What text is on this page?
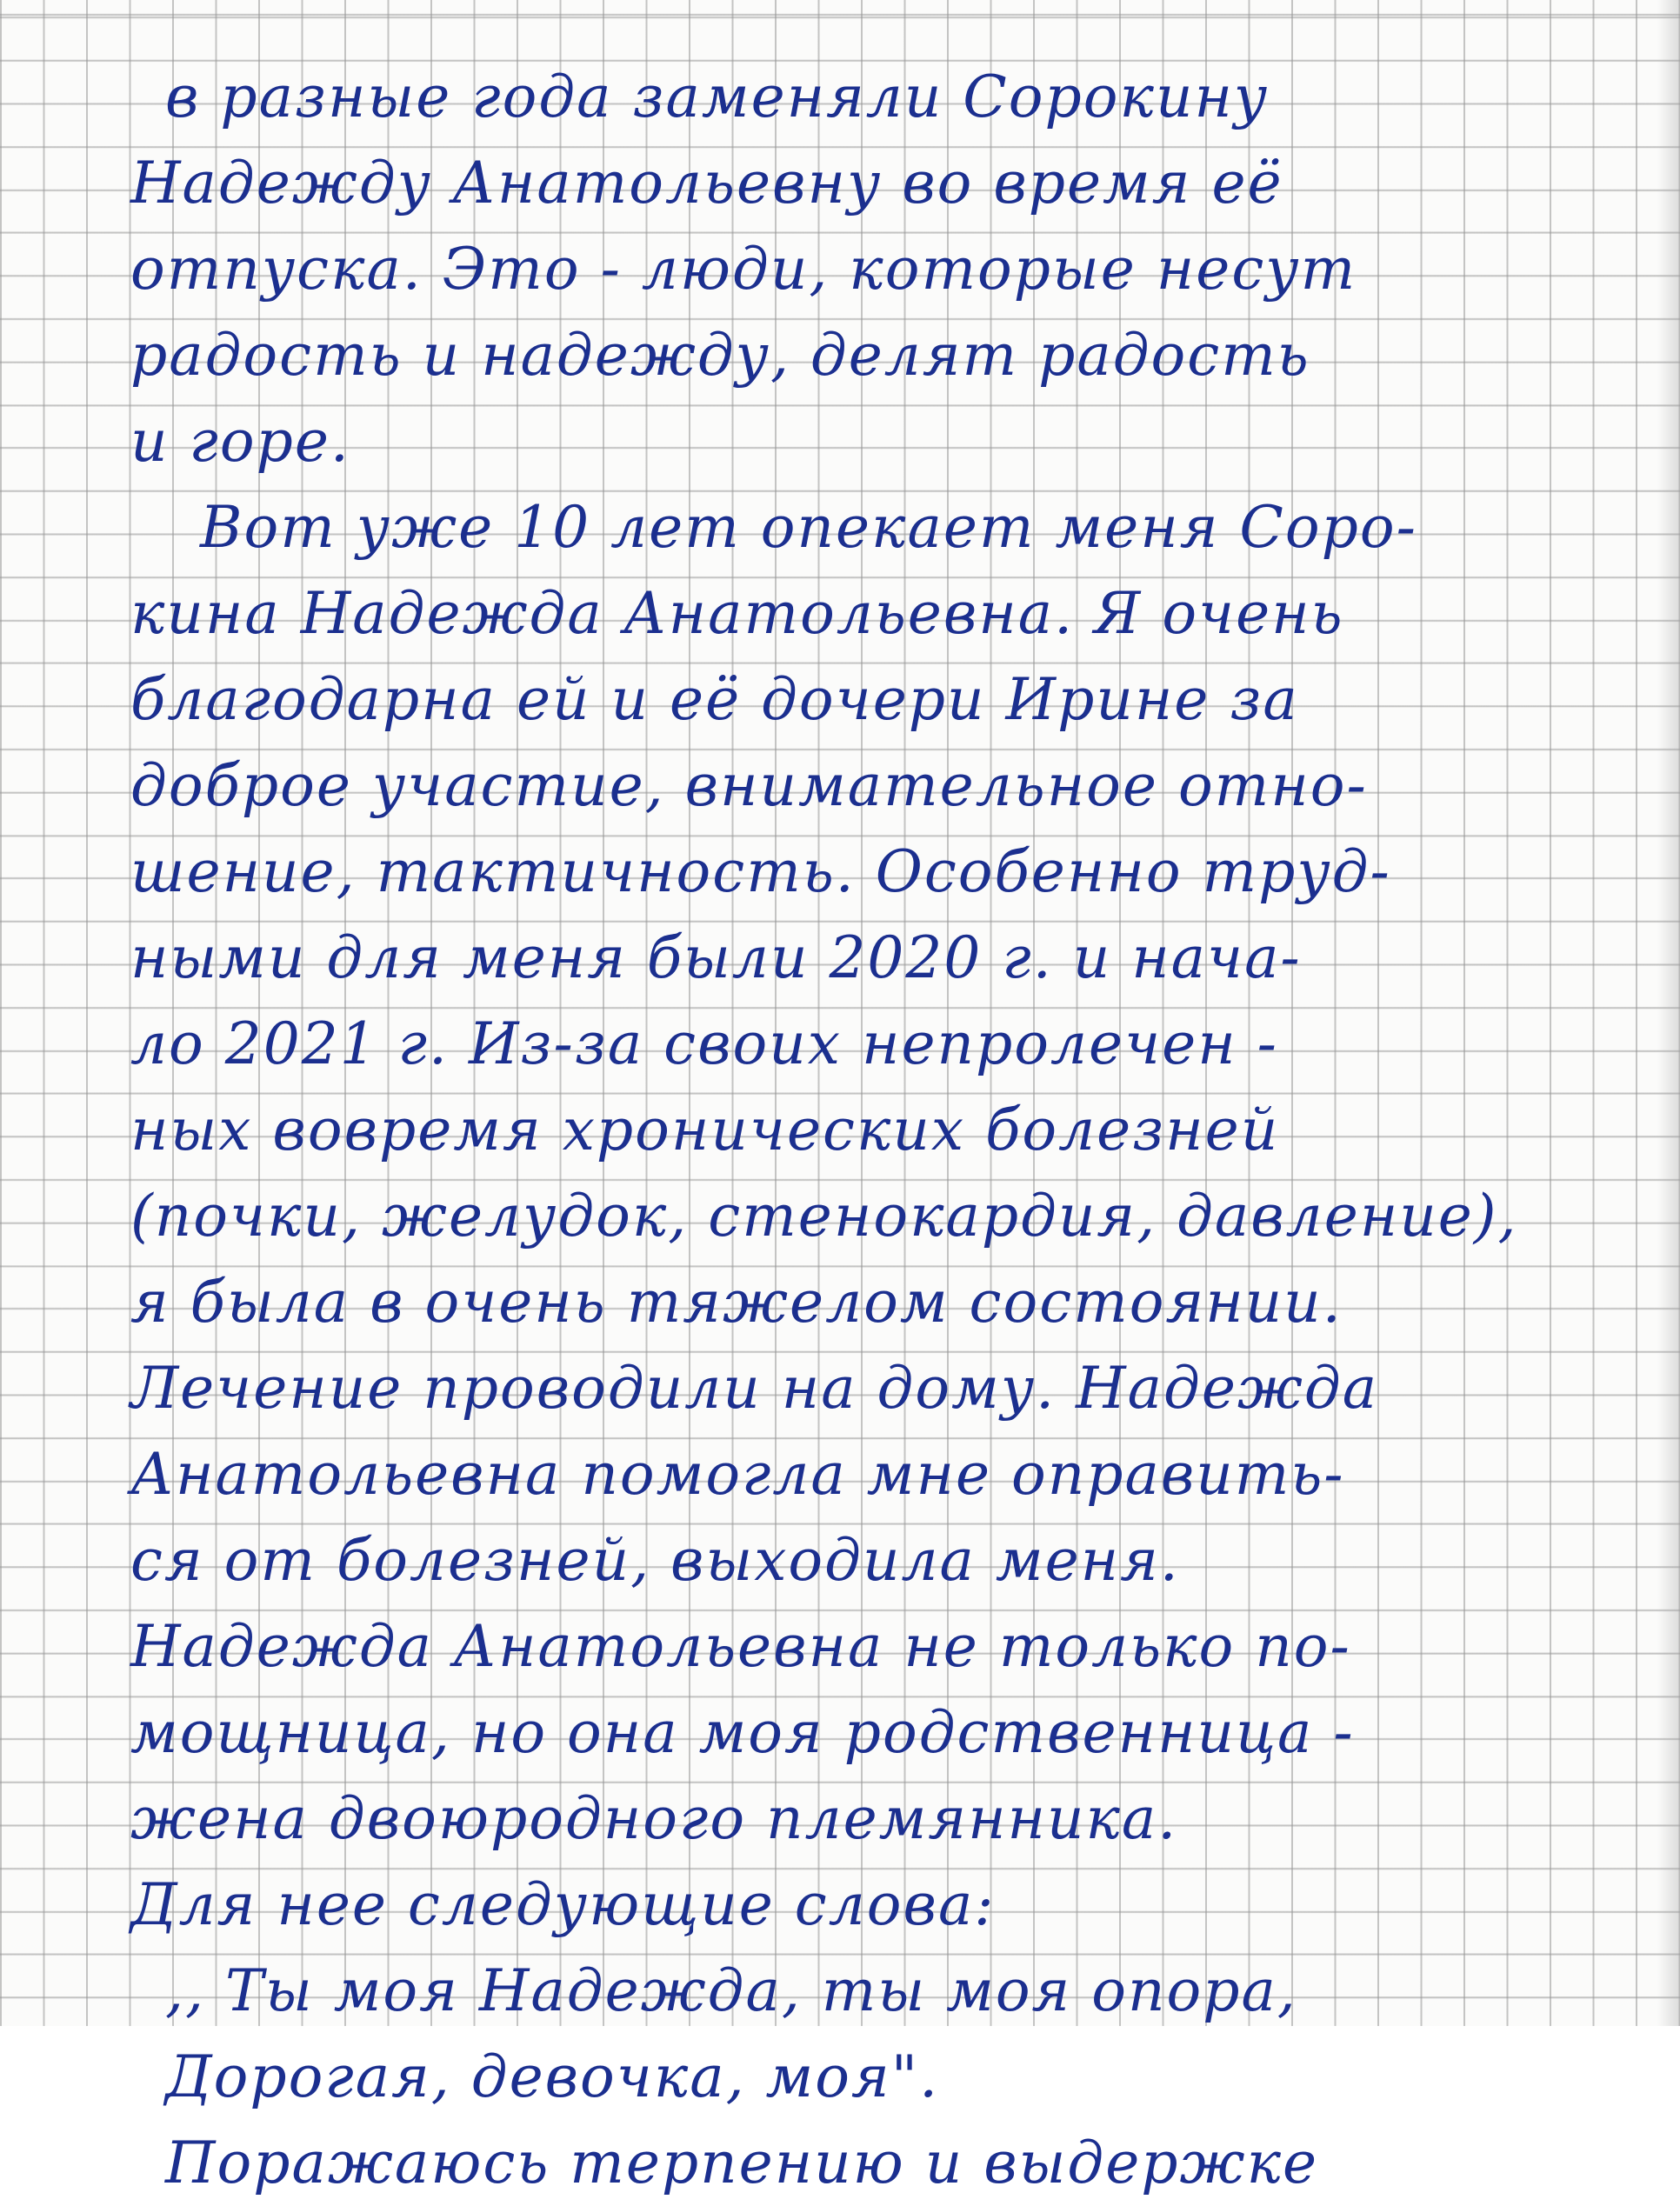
в разные года заменяли Сорокину
Надежду Анатольевну во время её
отпуска. Это - люди, которые несут
радость и надежду, делят радость
и горе.
Вот уже 10 лет опекает меня Соро-
кина Надежда Анатольевна. Я очень
благодарна ей и её дочери Ирине за
доброе участие, внимательное отно-
шение, тактичность. Особенно труд-
ными для меня были 2020 г. и нача-
ло 2021 г. Из-за своих непролечен -
ных вовремя хронических болезней
(почки, желудок, стенокардия, давление),
я была в очень тяжелом состоянии.
Лечение проводили на дому. Надежда
Анатольевна помогла мне оправить-
ся от болезней, выходила меня.
Надежда Анатольевна не только по-
мощница, но она моя родственница -
жена двоюродного племянника.
Для нее следующие слова:
,, Ты моя Надежда, ты моя опора,
Дорогая, девочка, моя".
Поражаюсь терпению и выдержке
